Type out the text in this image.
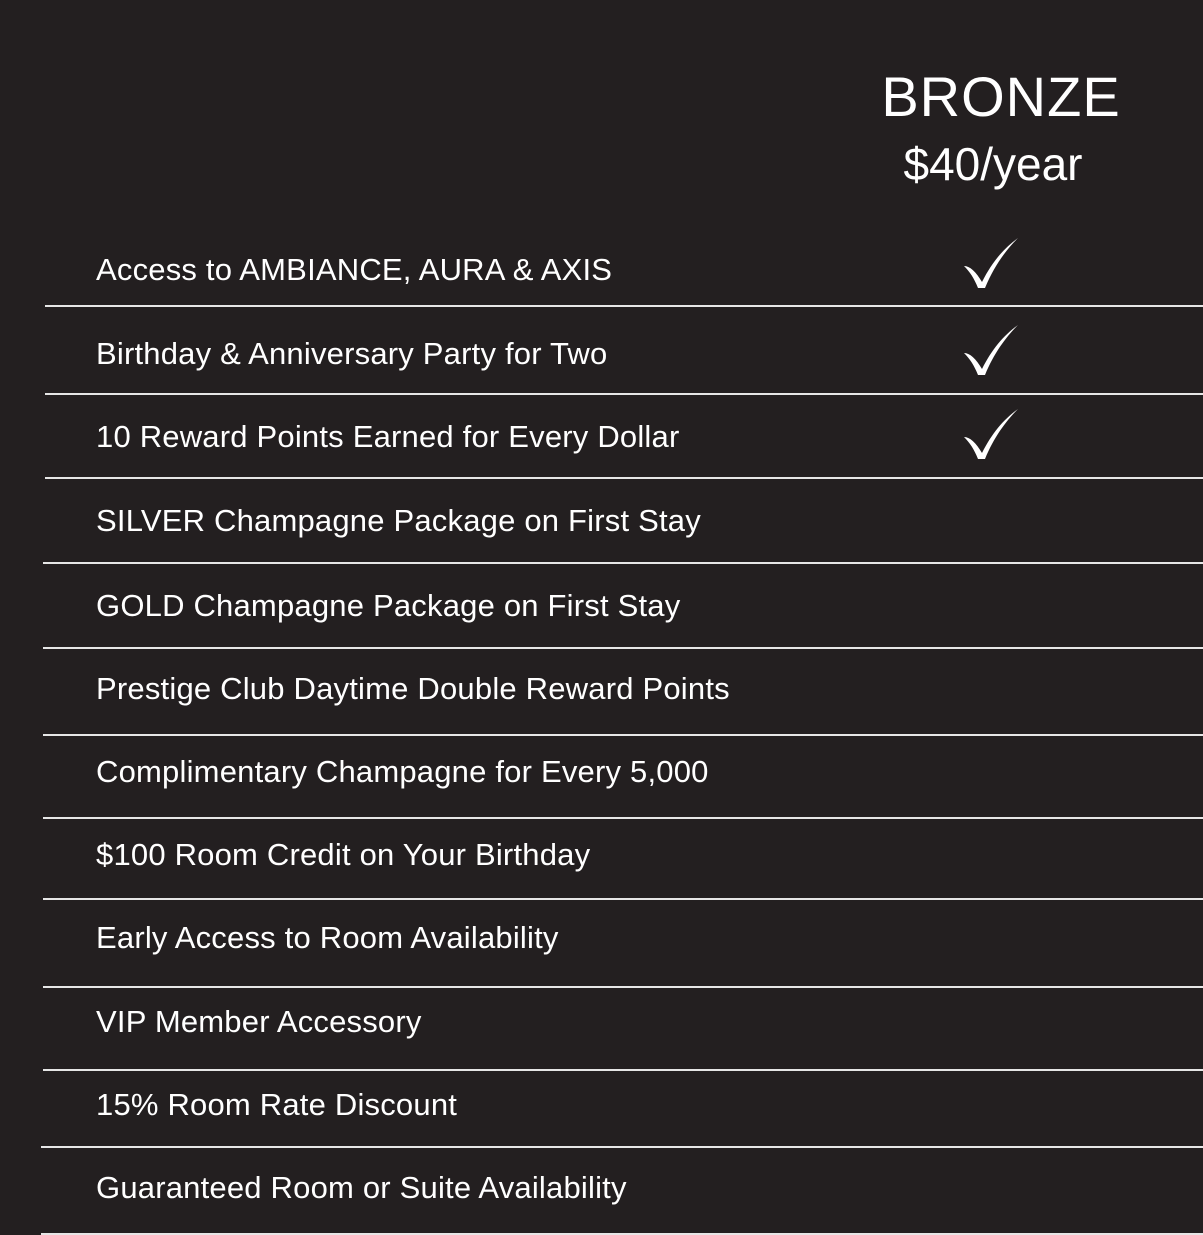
BRONZE
$40/year
Access to AMBIANCE, AURA & AXIS
Birthday & Anniversary Party for Two
10 Reward Points Earned for Every Dollar
SILVER Champagne Package on First Stay
GOLD Champagne Package on First Stay
Prestige Club Daytime Double Reward Points
Complimentary Champagne for Every 5,000
$100 Room Credit on Your Birthday
Early Access to Room Availability
VIP Member Accessory
15% Room Rate Discount
Guaranteed Room or Suite Availability
